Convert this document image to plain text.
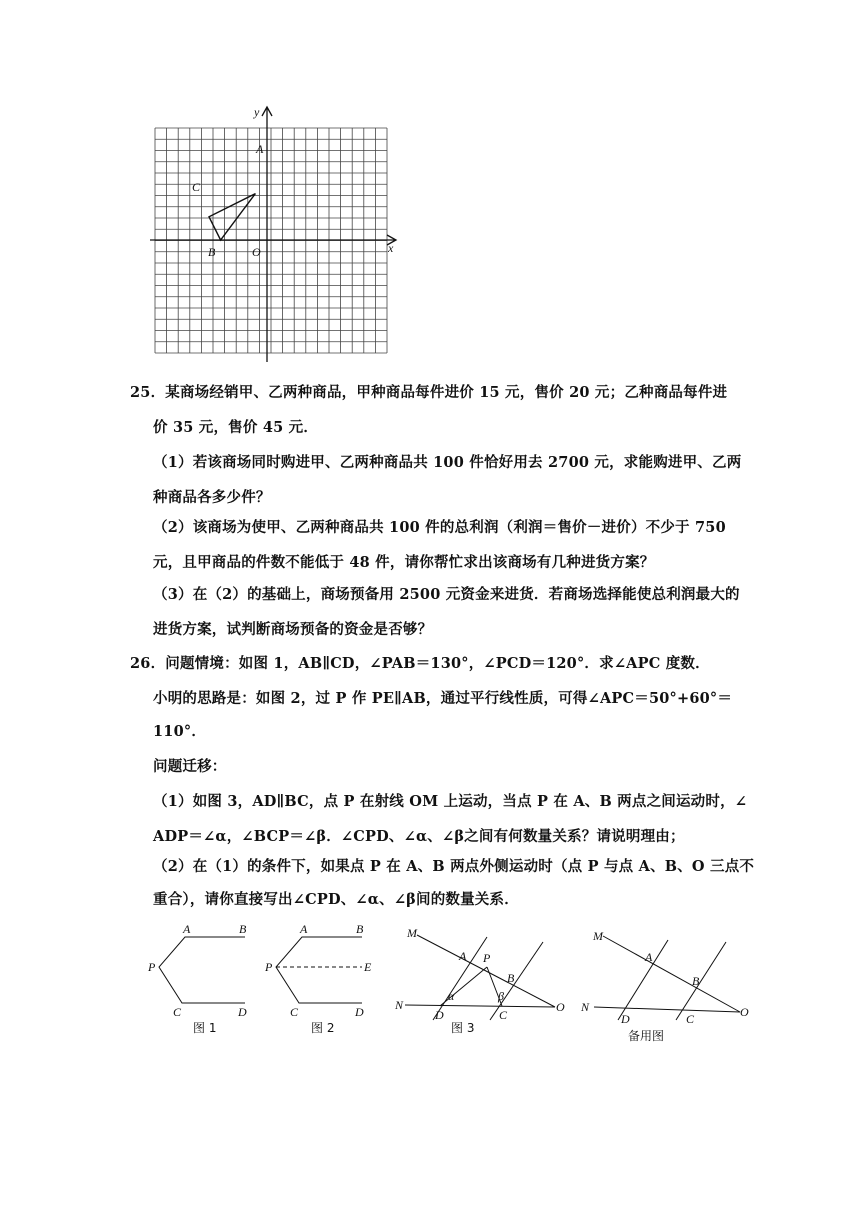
y
x
A
C
B	O
25．某商场经销甲、乙两种商品，甲种商品每件进价 15 元，售价 20 元；乙种商品每件进
价 35 元，售价 45 元．
（1）若该商场同时购进甲、乙两种商品共 100 件恰好用去 2700 元，求能购进甲、乙两
种商品各多少件？
（2）该商场为使甲、乙两种商品共 100 件的总利润（利润＝售价－进价）不少于 750
元，且甲商品的件数不能低于 48 件，请你帮忙求出该商场有几种进货方案？
（3）在（2）的基础上，商场预备用 2500 元资金来进货．若商场选择能使总利润最大的
进货方案，试判断商场预备的资金是否够？
26．问题情境：如图 1，AB∥CD，∠PAB＝130°，∠PCD＝120°．求∠APC 度数．
小明的思路是：如图 2，过 P 作 PE∥AB，通过平行线性质，可得∠APC＝50°+60°＝
110°．
问题迁移：
（1）如图 3，AD∥BC，点 P 在射线 OM 上运动，当点 P 在 A、B 两点之间运动时，∠
ADP＝∠α，∠BCP＝∠β．∠CPD、∠α、∠β之间有何数量关系？请说明理由；
（2）在（1）的条件下，如果点 P 在 A、B 两点外侧运动时（点 P 与点 A、B、O 三点不
重合），请你直接写出∠CPD、∠α、∠β间的数量关系．
A	B
P
C	D
图 1
A	B
P	E
C	D
图 2
M
A P
B
N
D	C
O
α	β
图 3
M
A
B
N
D	C	O
备用图
